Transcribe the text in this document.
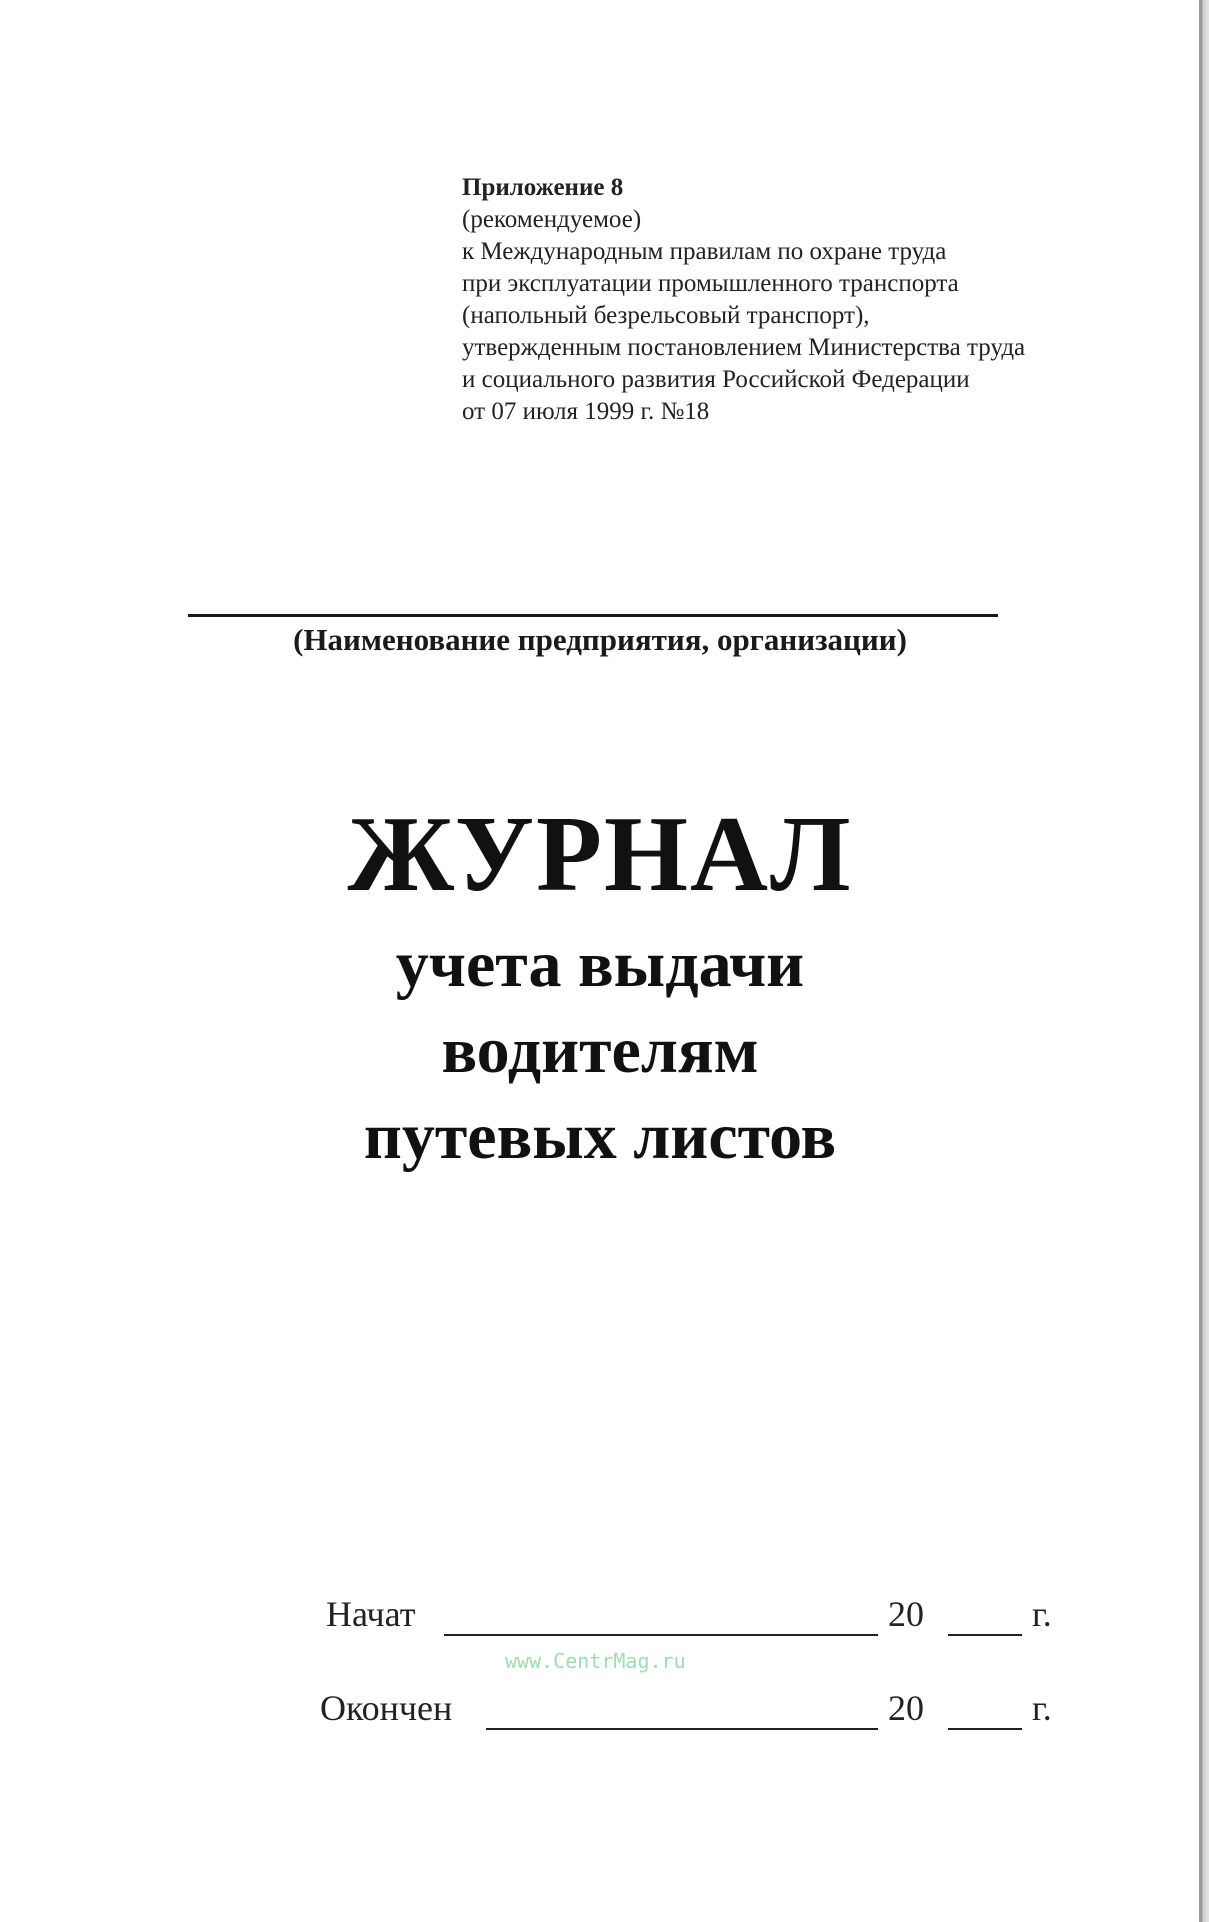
Приложение 8
(рекомендуемое)
к Международным правилам по охране труда
при эксплуатации промышленного транспорта
(напольный безрельсовый транспорт),
утвержденным постановлением Министерства труда
и социального развития Российской Федерации
от 07 июля 1999 г. №18
(Наименование предприятия, организации)
ЖУРНАЛ
учета выдачи
водителям
путевых листов
Начат	20	г.
www.CentrMag.ru
Окончен	20	г.
